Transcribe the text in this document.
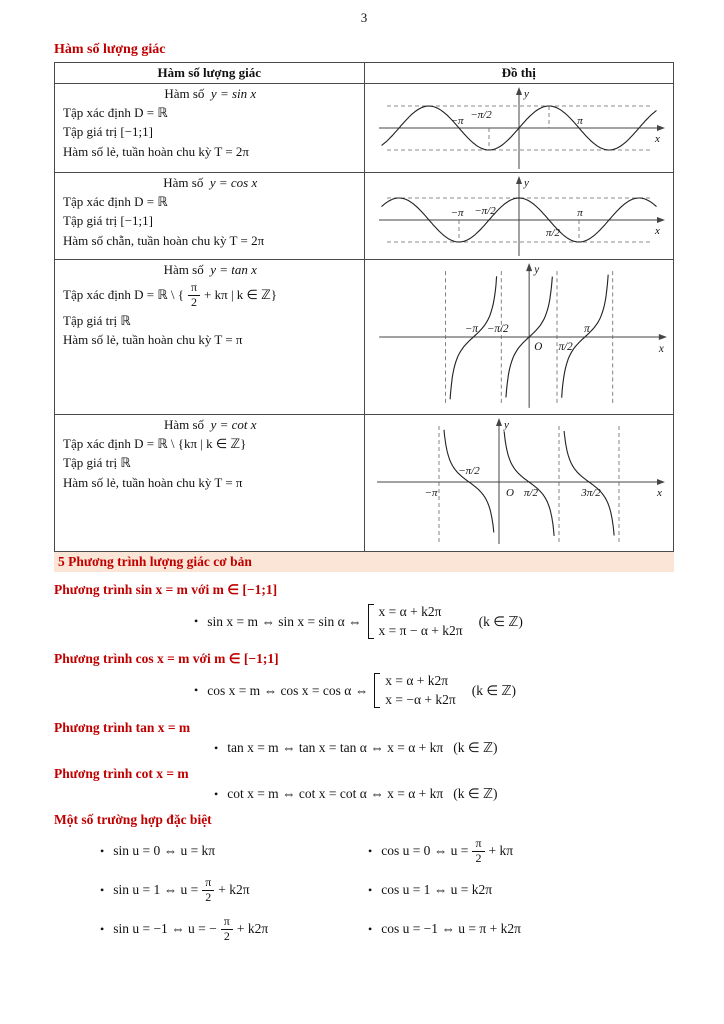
3
Hàm số lượng giác
Hàm số lượng giác	Đồ thị

Hàm số y = sin x
Tập xác định D = ℝ
Tập giá trị [−1;1]
Hàm số lẻ, tuần hoàn chu kỳ T = 2π

y
x
−π −π/2	π

Hàm số y = cos x
Tập xác định D = ℝ
Tập giá trị [−1;1]
Hàm số chẵn, tuần hoàn chu kỳ T = 2π

y
x
−π −π/2
π/2
π

Hàm số y = tan x
Tập xác định D = ℝ \ { $\frac{\pi}{2} + k\pi$ | k ∈ ℤ}
Tập giá trị ℝ
Hàm số lẻ, tuần hoàn chu kỳ T = π

y
x
−π −π/2
O π/2
π

Hàm số y = cot x
Tập xác định D = ℝ \ {kπ | k ∈ ℤ}
Tập giá trị ℝ
Hàm số lẻ, tuần hoàn chu kỳ T = π

y
x
−π
−π/2
O π/2	3π/2
5 Phương trình lượng giác cơ bản
Phương trình sin x = m với m ∈ [−1;1]
• sin x = m ⇔ sin x = sin α ⇔
x = α + k2π
x = π − α + k2π
(k ∈ ℤ)
Phương trình cos x = m với m ∈ [−1;1]
• cos x = m ⇔ cos x = cos α ⇔
x = α + k2π
x = −α + k2π
(k ∈ ℤ)
Phương trình tan x = m
• tan x = m ⇔ tan x = tan α ⇔ x = α + kπ (k ∈ ℤ)
Phương trình cot x = m
• cot x = m ⇔ cot x = cot α ⇔ x = α + kπ (k ∈ ℤ)
Một số trường hợp đặc biệt
• sin u = 0 ⇔ u = kπ	• cos u = 0 ⇔ $u = \frac{\pi}{2} + k\pi$
• sin u = 1 ⇔ $u = \frac{\pi}{2} + k2\pi$	• cos u = 1 ⇔ u = k2π
• sin u = −1 ⇔ u = − $\frac{\pi}{2} + k2\pi$	• cos u = −1 ⇔ u = π + k2π
